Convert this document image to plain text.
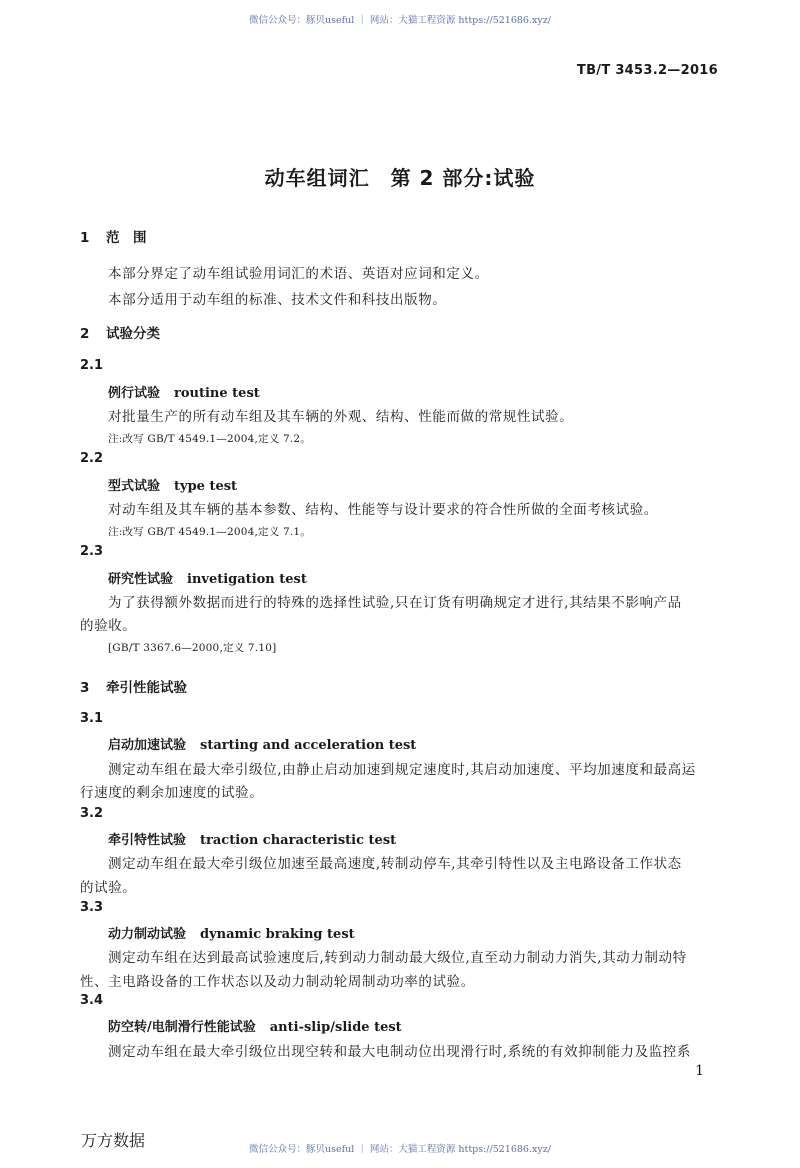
微信公众号：豚贝useful ｜ 网站：大猫工程资源 https://521686.xyz/
微信公众号：豚贝useful ｜ 网站：大猫工程资源 https://521686.xyz/
TB/T 3453.2—2016
动车组词汇　第 2 部分:试验
1 范　围
本部分界定了动车组试验用词汇的术语、英语对应词和定义。
本部分适用于动车组的标准、技术文件和科技出版物。
2 试验分类
2.1
例行试验 routine test
对批量生产的所有动车组及其车辆的外观、结构、性能而做的常规性试验。
注:改写 GB/T 4549.1—2004,定义 7.2。
2.2
型式试验 type test
对动车组及其车辆的基本参数、结构、性能等与设计要求的符合性所做的全面考核试验。
注:改写 GB/T 4549.1—2004,定义 7.1。
2.3
研究性试验 invetigation test
为了获得额外数据而进行的特殊的选择性试验,只在订货有明确规定才进行,其结果不影响产品
的验收。
[GB/T 3367.6—2000,定义 7.10]
3 牵引性能试验
3.1
启动加速试验 starting and acceleration test
测定动车组在最大牵引级位,由静止启动加速到规定速度时,其启动加速度、平均加速度和最高运
行速度的剩余加速度的试验。
3.2
牵引特性试验 traction characteristic test
测定动车组在最大牵引级位加速至最高速度,转制动停车,其牵引特性以及主电路设备工作状态
的试验。
3.3
动力制动试验 dynamic braking test
测定动车组在达到最高试验速度后,转到动力制动最大级位,直至动力制动力消失,其动力制动特
性、主电路设备的工作状态以及动力制动轮周制动功率的试验。
3.4
防空转/电制滑行性能试验 anti-slip/slide test
测定动车组在最大牵引级位出现空转和最大电制动位出现滑行时,系统的有效抑制能力及监控系
1
万方数据
